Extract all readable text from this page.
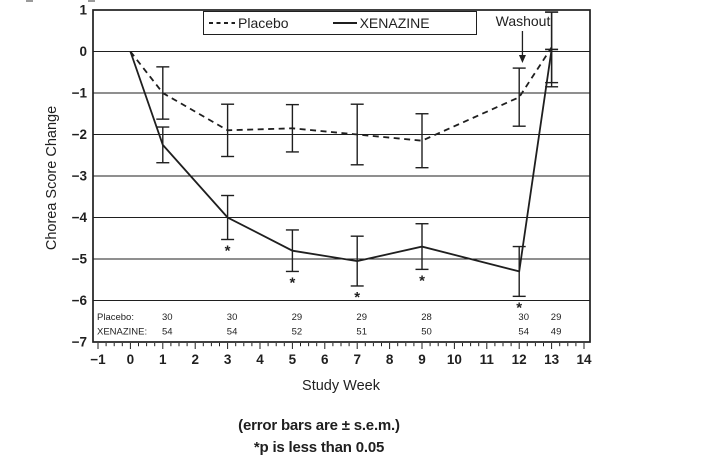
−1 0 1 2 3 4 5 6 7 8 9 10 11 12 13 14
1
0
−1
−2
−3
−4
−5
−6
−7
*
*
*
*
*
Placebo:	30	30	29	29	28	30 29
XENAZINE: 54	54	52	51	50	54 49
Chorea Score Change
Study Week
Placebo	XENAZINE	Washout
(error bars are ± s.e.m.)
*p is less than 0.05
